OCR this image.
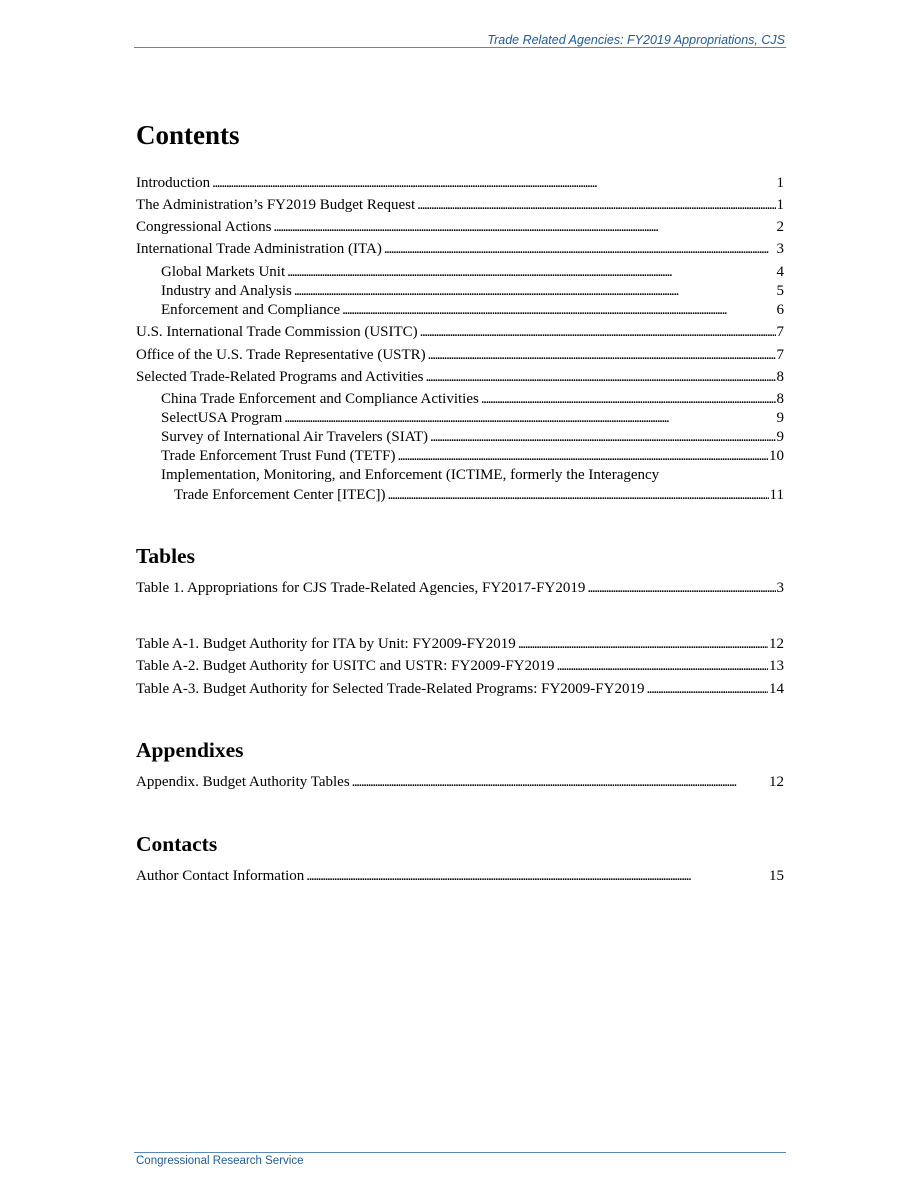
Trade Related Agencies: FY2019 Appropriations, CJS
Contents
Introduction . . .	1
The Administration’s FY2019 Budget Request . . .	1
Congressional Actions . . .	2
International Trade Administration (ITA) . . .	3
Global Markets Unit . . .	4
Industry and Analysis . . .	5
Enforcement and Compliance . . .	6
U.S. International Trade Commission (USITC) . . .	7
Office of the U.S. Trade Representative (USTR) . . .	7
Selected Trade-Related Programs and Activities . . .	8
China Trade Enforcement and Compliance Activities . . .	8
SelectUSA Program . . .	9
Survey of International Air Travelers (SIAT) . . .	9
Trade Enforcement Trust Fund (TETF) . . .	10
Implementation, Monitoring, and Enforcement (ICTIME, formerly the Interagency
Trade Enforcement Center [ITEC]) . . .	11
Tables
Table 1. Appropriations for CJS Trade-Related Agencies, FY2017-FY2019 . . .	3
Table A-1. Budget Authority for ITA by Unit: FY2009-FY2019 . . .	12
Table A-2. Budget Authority for USITC and USTR: FY2009-FY2019 . . .	13
Table A-3. Budget Authority for Selected Trade-Related Programs: FY2009-FY2019 . . .	14
Appendixes
Appendix. Budget Authority Tables . . .	12
Contacts
Author Contact Information . . .	15
Congressional Research Service
